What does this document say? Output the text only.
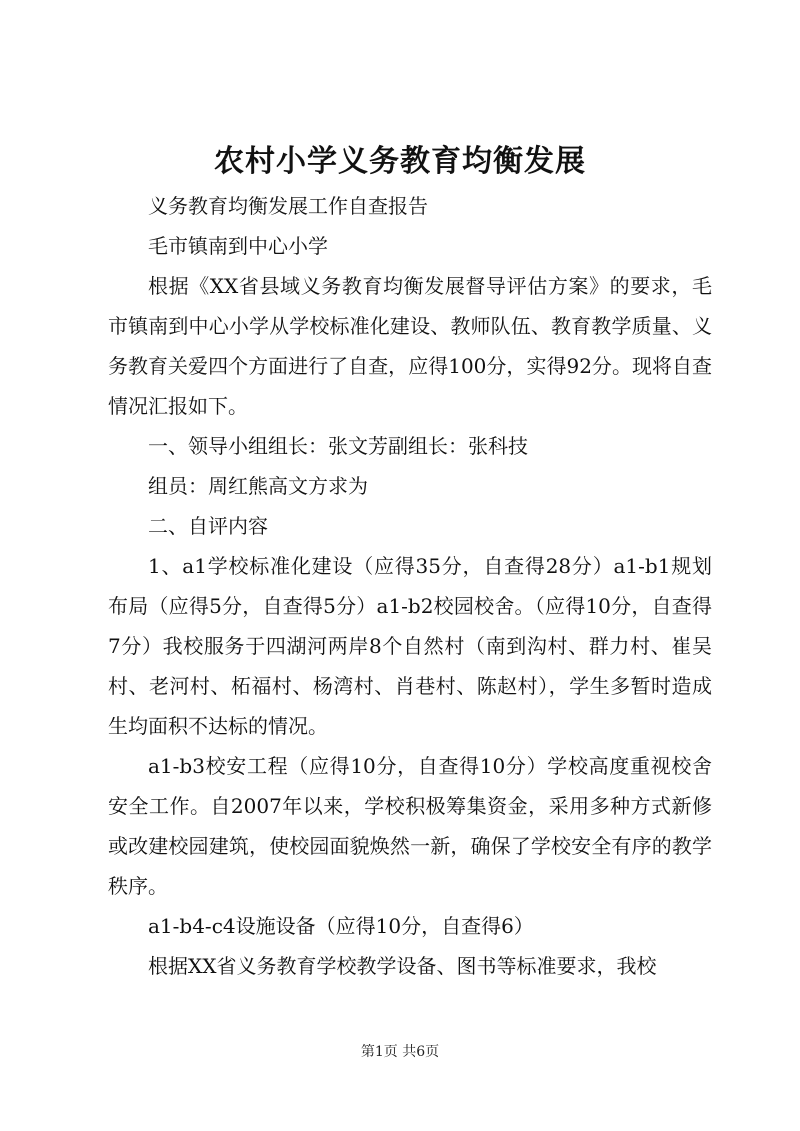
农村小学义务教育均衡发展

义务教育均衡发展工作自查报告

毛市镇南到中心小学

根据《XX省县域义务教育均衡发展督导评估方案》的要求，毛市镇南到中心小学从学校标准化建设、教师队伍、教育教学质量、义务教育关爱四个方面进行了自查，应得100分，实得92分。现将自查情况汇报如下。

一、领导小组组长：张文芳副组长：张科技

组员：周红熊高文方求为

二、自评内容

1、a1学校标准化建设（应得35分，自查得28分）a1-b1规划布局（应得5分，自查得5分）a1-b2校园校舍。（应得10分，自查得7分）我校服务于四湖河两岸8个自然村（南到沟村、群力村、崔吴村、老河村、柘福村、杨湾村、肖巷村、陈赵村），学生多暂时造成生均面积不达标的情况。

a1-b3校安工程（应得10分，自查得10分）学校高度重视校舍安全工作。自2007年以来，学校积极筹集资金，采用多种方式新修或改建校园建筑，使校园面貌焕然一新，确保了学校安全有序的教学秩序。

a1-b4-c4设施设备（应得10分，自查得6）

根据XX省义务教育学校教学设备、图书等标准要求，我校

第1页 共6页
